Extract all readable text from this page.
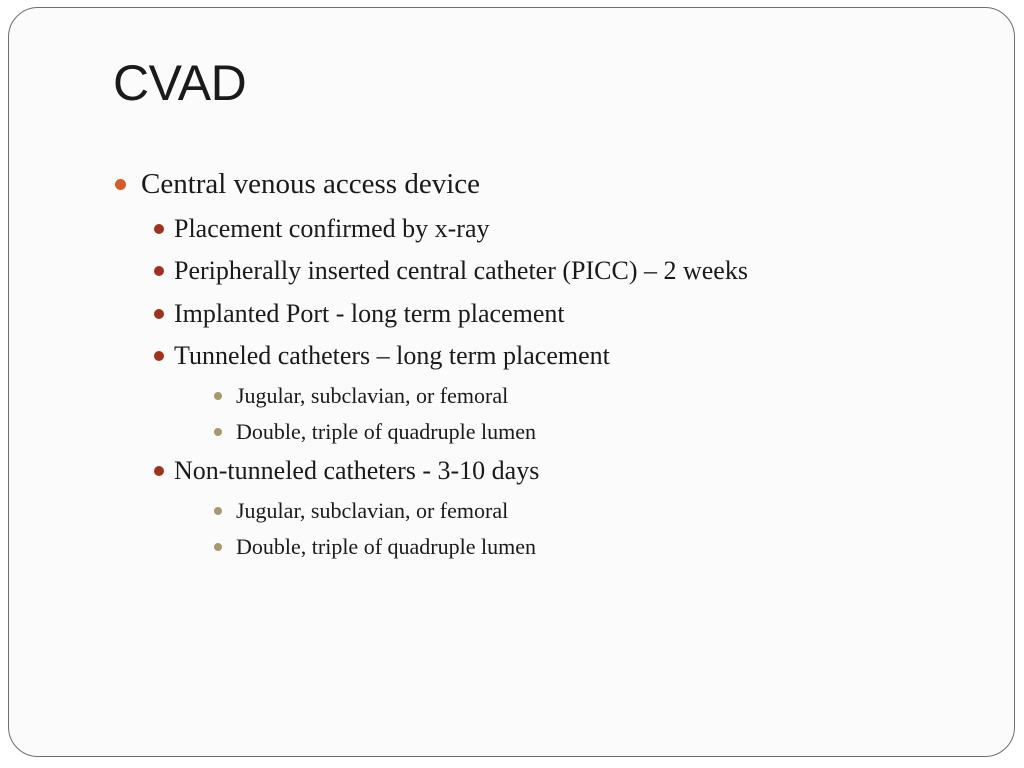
CVAD
Central venous access device
Placement confirmed by x-ray
Peripherally inserted central catheter (PICC) – 2 weeks
Implanted Port - long term placement
Tunneled catheters – long term placement
Jugular, subclavian, or femoral
Double, triple of quadruple lumen
Non-tunneled catheters - 3-10 days
Jugular, subclavian, or femoral
Double, triple of quadruple lumen
